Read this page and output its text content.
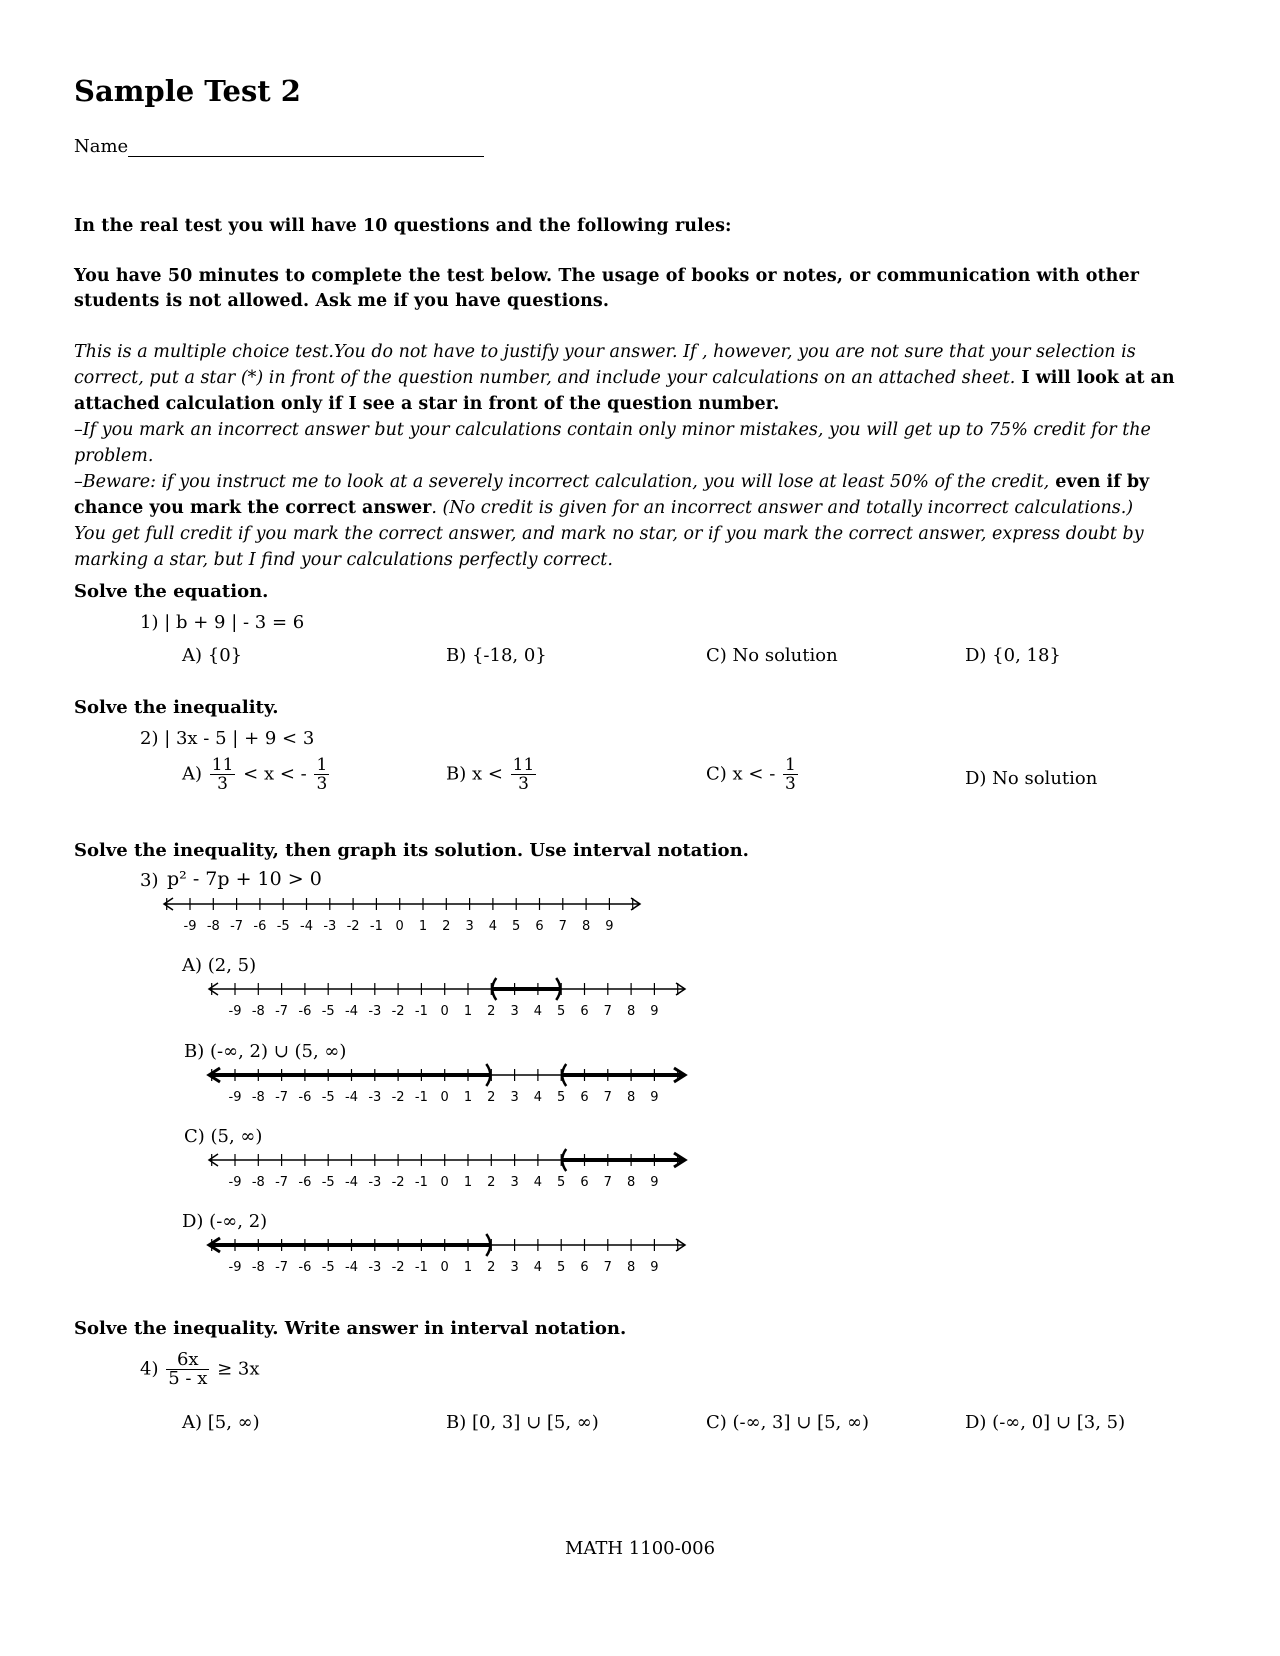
Sample Test 2
Name
In the real test you will have 10 questions and the following rules:
You have 50 minutes to complete the test below. The usage of books or notes, or communication with other students is not allowed. Ask me if you have questions.
This is a multiple choice test.You do not have to justify your answer. If , however, you are not sure that your selection is correct, put a star (*) in front of the question number, and include your calculations on an attached sheet. I will look at an attached calculation only if I see a star in front of the question number.
–If you mark an incorrect answer but your calculations contain only minor mistakes, you will get up to 75% credit for the problem.
–Beware: if you instruct me to look at a severely incorrect calculation, you will lose at least 50% of the credit, even if by chance you mark the correct answer. (No credit is given for an incorrect answer and totally incorrect calculations.)
You get full credit if you mark the correct answer, and mark no star, or if you mark the correct answer, express doubt by marking a star, but I find your calculations perfectly correct.
Solve the equation.
1) | b + 9 | - 3 = 6
A) {0}	B) {-18, 0}	C) No solution	D) {0, 18}
Solve the inequality.
2) | 3x - 5 | + 9 < 3
$A) \frac{11}{3} < x$ < - $\frac{1}{3}$	B) $x < \frac{11}{3}$	C) x < - $\frac{1}{3}$	D) No solution
Solve the inequality, then graph its solution. Use interval notation.
3) p² - 7p + 10 > 0
-9 -8 -7 -6 -5 -4 -3 -2 -1 0 1 2 3 4 5 6 7 8 9
A) (2, 5)
-9 -8 -7 -6 -5 -4 -3 -2 -1 0 1 2 3 4 5 6 7 8 9
B) (-∞, 2) ∪ (5, ∞)
-9 -8 -7 -6 -5 -4 -3 -2 -1 0 1 2 3 4 5 6 7 8 9
C) (5, ∞)
-9 -8 -7 -6 -5 -4 -3 -2 -1 0 1 2 3 4 5 6 7 8 9
D) (-∞, 2)
-9 -8 -7 -6 -5 -4 -3 -2 -1 0 1 2 3 4 5 6 7 8 9
Solve the inequality. Write answer in interval notation.
$4) \frac{6x}{5 - x} \ge 3x$
A) [5, ∞)	B) [0, 3] ∪ [5, ∞)	C) (-∞, 3] ∪ [5, ∞)	D) (-∞, 0] ∪ [3, 5)
MATH 1100-006
